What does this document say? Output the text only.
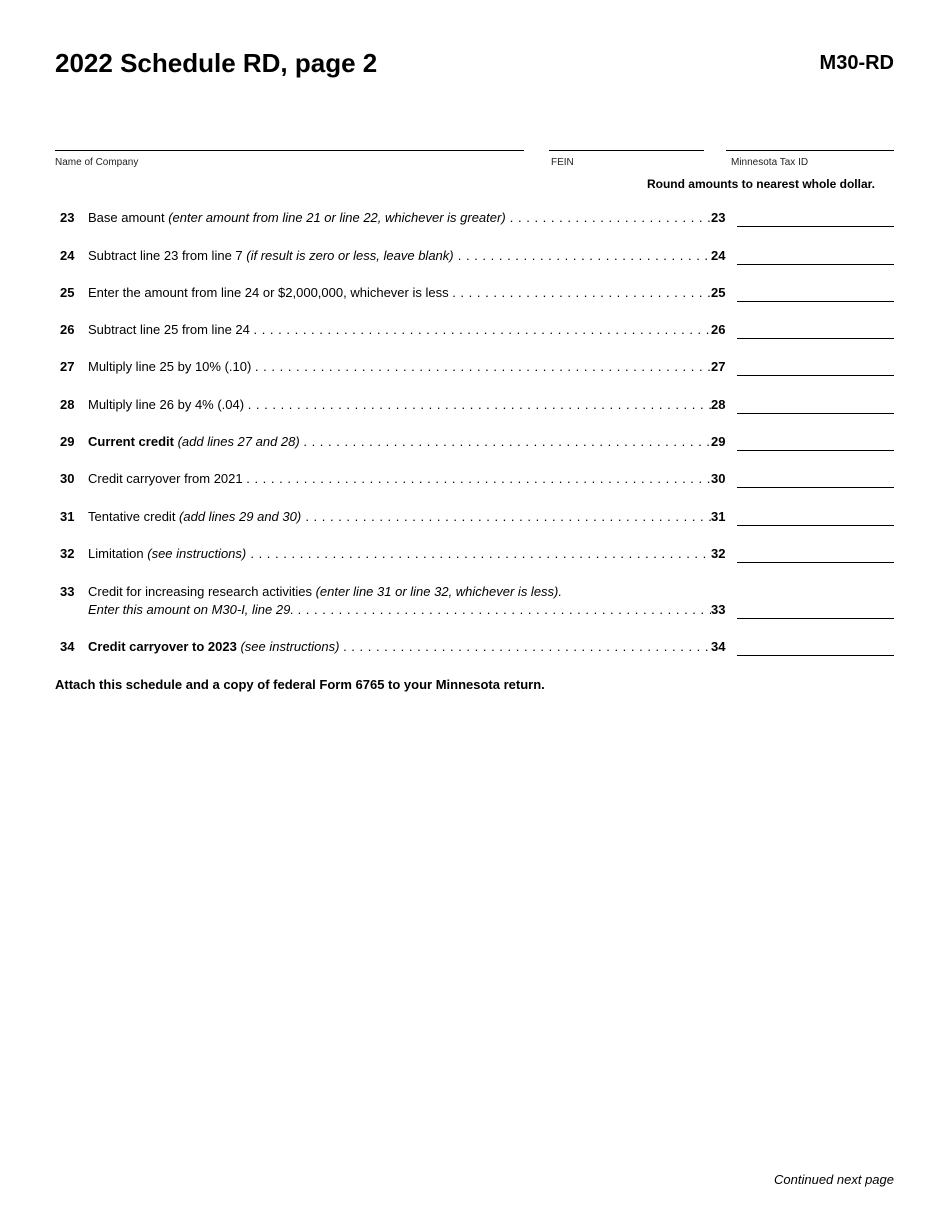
2022 Schedule RD, page 2	M30-RD
Name of Company	FEIN	Minnesota Tax ID
Round amounts to nearest whole dollar.
23 Base amount (enter amount from line 21 or line 22, whichever is greater) . . .	23
24 Subtract line 23 from line 7 (if result is zero or less, leave blank) . . .	24
25 Enter the amount from line 24 or $2,000,000, whichever is less . . .	25
26 Subtract line 25 from line 24 . . .	26
27 Multiply line 25 by 10% (.10) . . .	27
28 Multiply line 26 by 4% (.04) . . .	28
29 Current credit (add lines 27 and 28) . . .	29
30 Credit carryover from 2021 . . .	30
31 Tentative credit (add lines 29 and 30) . . .	31
32 Limitation (see instructions) . . .	32
33 Credit for increasing research activities (enter line 31 or line 32, whichever is less).
Enter this amount on M30-I, line 29. . . .	33
34 Credit carryover to 2023 (see instructions) . . .	34
Attach this schedule and a copy of federal Form 6765 to your Minnesota return.
Continued next page
